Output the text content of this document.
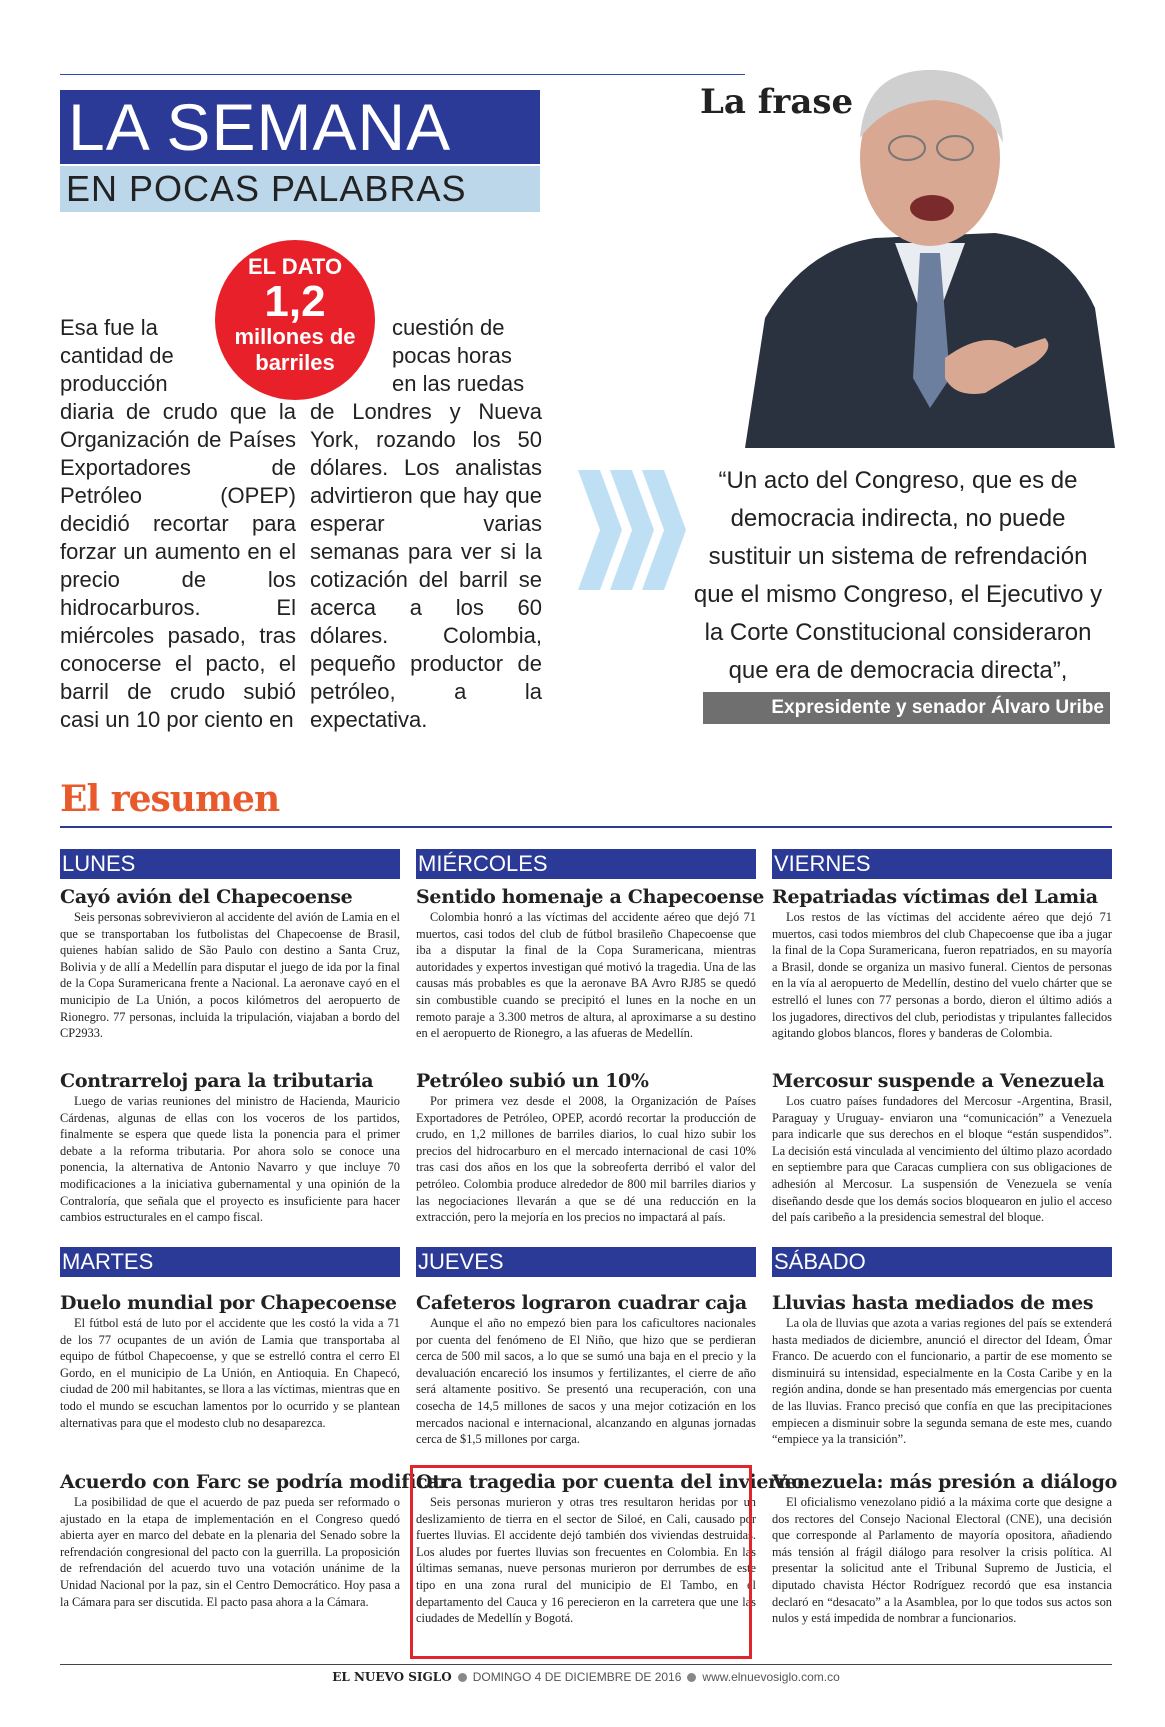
LA SEMANA
EN POCAS PALABRAS
Esa fue la
cantidad de
producción
diaria de crudo que la Organización de Países Exportadores de Petróleo (OPEP) decidió recortar para forzar un aumento en el precio de los hidrocarburos. El miércoles pasado, tras conocerse el pacto, el barril de crudo subió casi un 10 por ciento en
cuestión de
pocas horas
en las ruedas
de Londres y Nueva York, rozando los 50 dólares. Los analistas advirtieron que hay que esperar varias semanas para ver si la cotización del barril se acerca a los 60 dólares. Colombia, pequeño productor de petróleo, a la expectativa.
EL DATO
1,2
millones de barriles
La frase
“Un acto del Congreso, que es de democracia indirecta, no puede sustituir un sistema de refrendación que el mismo Congreso, el Ejecutivo y la Corte Constitucional consideraron que era de democracia directa”,
Expresidente y senador Álvaro Uribe
El resumen
LUNES
Cayó avión del Chapecoense

Seis personas sobrevivieron al accidente del avión de Lamia en el que se transportaban los futbolistas del Chapecoense de Brasil, quienes habían salido de São Paulo con destino a Santa Cruz, Bolivia y de allí a Medellín para disputar el juego de ida por la final de la Copa Suramericana frente a Nacional. La aeronave cayó en el municipio de La Unión, a pocos kilómetros del aeropuerto de Rionegro. 77 personas, incluida la tripulación, viajaban a bordo del CP2933.

Contrarreloj para la tributaria

Luego de varias reuniones del ministro de Hacienda, Mauricio Cárdenas, algunas de ellas con los voceros de los partidos, finalmente se espera que quede lista la ponencia para el primer debate a la reforma tributaria. Por ahora solo se conoce una ponencia, la alternativa de Antonio Navarro y que incluye 70 modificaciones a la iniciativa gubernamental y una opinión de la Contraloría, que señala que el proyecto es insuficiente para hacer cambios estructurales en el campo fiscal.

MARTES
Duelo mundial por Chapecoense

El fútbol está de luto por el accidente que les costó la vida a 71 de los 77 ocupantes de un avión de Lamia que transportaba al equipo de fútbol Chapecoense, y que se estrelló contra el cerro El Gordo, en el municipio de La Unión, en Antioquia. En Chapecó, ciudad de 200 mil habitantes, se llora a las víctimas, mientras que en todo el mundo se escuchan lamentos por lo ocurrido y se plantean alternativas para que el modesto club no desaparezca.

Acuerdo con Farc se podría modificar

La posibilidad de que el acuerdo de paz pueda ser reformado o ajustado en la etapa de implementación en el Congreso quedó abierta ayer en marco del debate en la plenaria del Senado sobre la refrendación congresional del pacto con la guerrilla. La proposición de refrendación del acuerdo tuvo una votación unánime de la Unidad Nacional por la paz, sin el Centro Democrático. Hoy pasa a la Cámara para ser discutida. El pacto pasa ahora a la Cámara.

MIÉRCOLES
Sentido homenaje a Chapecoense

Colombia honró a las víctimas del accidente aéreo que dejó 71 muertos, casi todos del club de fútbol brasileño Chapecoense que iba a disputar la final de la Copa Suramericana, mientras autoridades y expertos investigan qué motivó la tragedia. Una de las causas más probables es que la aeronave BA Avro RJ85 se quedó sin combustible cuando se precipitó el lunes en la noche en un remoto paraje a 3.300 metros de altura, al aproximarse a su destino en el aeropuerto de Rionegro, a las afueras de Medellín.

Petróleo subió un 10%

Por primera vez desde el 2008, la Organización de Países Exportadores de Petróleo, OPEP, acordó recortar la producción de crudo, en 1,2 millones de barriles diarios, lo cual hizo subir los precios del hidrocarburo en el mercado internacional de casi 10% tras casi dos años en los que la sobreoferta derribó el valor del petróleo. Colombia produce alrededor de 800 mil barriles diarios y las negociaciones llevarán a que se dé una reducción en la extracción, pero la mejoría en los precios no impactará al país.

JUEVES
Cafeteros lograron cuadrar caja

Aunque el año no empezó bien para los caficultores nacionales por cuenta del fenómeno de El Niño, que hizo que se perdieran cerca de 500 mil sacos, a lo que se sumó una baja en el precio y la devaluación encareció los insumos y fertilizantes, el cierre de año será altamente positivo. Se presentó una recuperación, con una cosecha de 14,5 millones de sacos y una mejor cotización en los mercados nacional e internacional, alcanzando en algunas jornadas cerca de $1,5 millones por carga.

Otra tragedia por cuenta del invierno

Seis personas murieron y otras tres resultaron heridas por un deslizamiento de tierra en el sector de Siloé, en Cali, causado por fuertes lluvias. El accidente dejó también dos viviendas destruidas. Los aludes por fuertes lluvias son frecuentes en Colombia. En las últimas semanas, nueve personas murieron por derrumbes de este tipo en una zona rural del municipio de El Tambo, en el departamento del Cauca y 16 perecieron en la carretera que une las ciudades de Medellín y Bogotá.

VIERNES
Repatriadas víctimas del Lamia

Los restos de las víctimas del accidente aéreo que dejó 71 muertos, casi todos miembros del club Chapecoense que iba a jugar la final de la Copa Suramericana, fueron repatriados, en su mayoría a Brasil, donde se organiza un masivo funeral. Cientos de personas en la vía al aeropuerto de Medellín, destino del vuelo chárter que se estrelló el lunes con 77 personas a bordo, dieron el último adiós a los jugadores, directivos del club, periodistas y tripulantes fallecidos agitando globos blancos, flores y banderas de Colombia.

Mercosur suspende a Venezuela

Los cuatro países fundadores del Mercosur -Argentina, Brasil, Paraguay y Uruguay- enviaron una “comunicación” a Venezuela para indicarle que sus derechos en el bloque “están suspendidos”. La decisión está vinculada al vencimiento del último plazo acordado en septiembre para que Caracas cumpliera con sus obligaciones de adhesión al Mercosur. La suspensión de Venezuela se venía diseñando desde que los demás socios bloquearon en julio el acceso del país caribeño a la presidencia semestral del bloque.

SÁBADO
Lluvias hasta mediados de mes

La ola de lluvias que azota a varias regiones del país se extenderá hasta mediados de diciembre, anunció el director del Ideam, Ómar Franco. De acuerdo con el funcionario, a partir de ese momento se disminuirá su intensidad, especialmente en la Costa Caribe y en la región andina, donde se han presentado más emergencias por cuenta de las lluvias. Franco precisó que confía en que las precipitaciones empiecen a disminuir sobre la segunda semana de este mes, cuando “empiece ya la transición”.

Venezuela: más presión a diálogo

El oficialismo venezolano pidió a la máxima corte que designe a dos rectores del Consejo Nacional Electoral (CNE), una decisión que corresponde al Parlamento de mayoría opositora, añadiendo más tensión al frágil diálogo para resolver la crisis política. Al presentar la solicitud ante el Tribunal Supremo de Justicia, el diputado chavista Héctor Rodríguez recordó que esa instancia declaró en “desacato” a la Asamblea, por lo que todos sus actos son nulos y está impedida de nombrar a funcionarios.

EL NUEVO SIGLO DOMINGO 4 DE DICIEMBRE DE 2016 www.elnuevosiglo.com.co
